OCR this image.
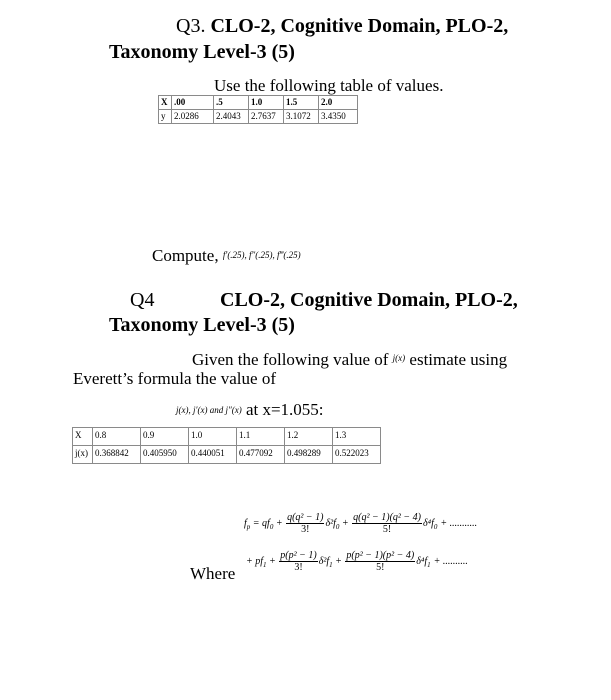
Q3. CLO-2, Cognitive Domain, PLO-2,
Taxonomy Level-3 (5)
Use the following table of values.
X	.00	.5	1.0	1.5	2.0
y	2.0286	2.4043	2.7637	3.1072	3.4350
Compute, f′(.25), f″(.25), f‴(.25)
Q4	CLO-2, Cognitive Domain, PLO-2,
Taxonomy Level-3 (5)
Given the following value of $^{j(x)}$ estimate using
Everett’s formula the value of
j(x), j′(x) and j″(x) at x=1.055:
X	0.8	0.9	1.0	1.1	1.2	1.3
j(x)	0.368842	0.405950	0.440051	0.477092	0.498289	0.522023
$f_p = qf_0 + \frac{\text{q(q² − 1)}}{3!} \delta^2f_0 + \frac{\text{q(q² − 1)(q² − 4)}}{5!} \delta^4f_0$ + ...........
Where
+ $pf_1 + \frac{\text{p(p² − 1)}}{3!} \delta^2f_1 + \frac{\text{p(p² − 1)(p² − 4)}}{5!} \delta^4f_1$ + ..........
